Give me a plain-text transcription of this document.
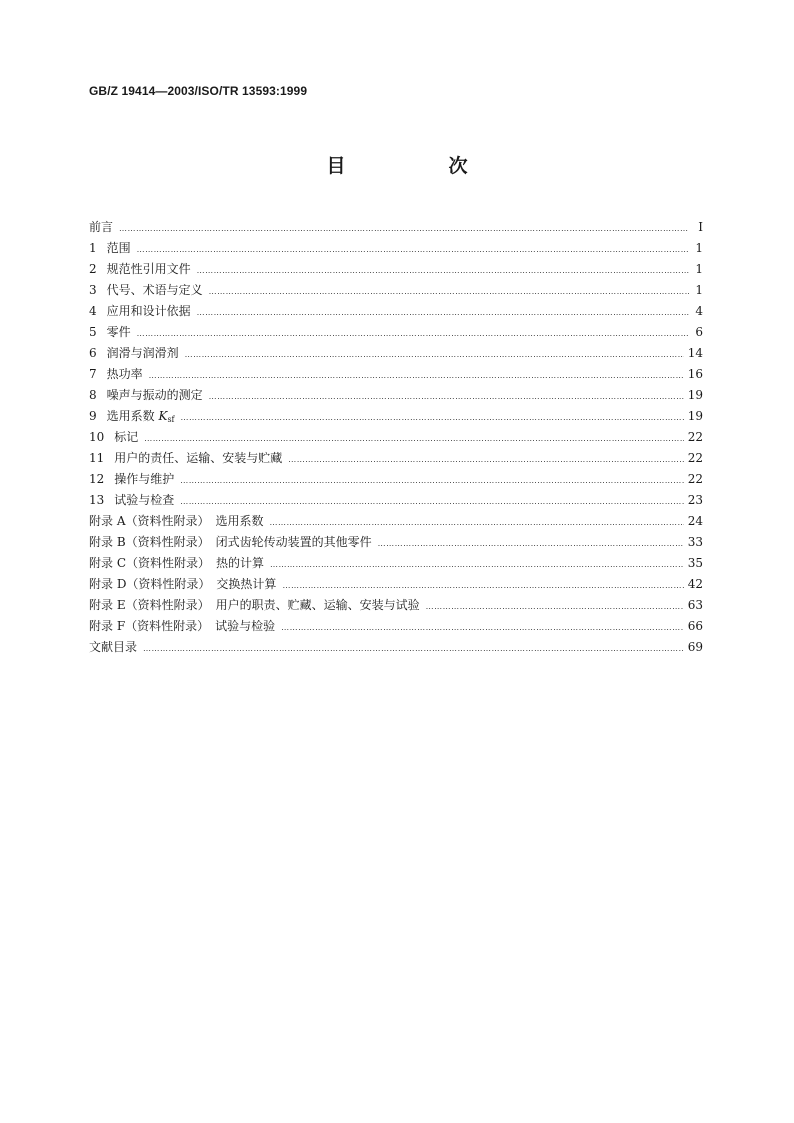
GB/Z 19414—2003/ISO/TR 13593:1999
目　次
前言 ………………………………………………………………………………………………………………………………………………………………………………………………………………………………	Ⅰ
1 范围 ………………………………………………………………………………………………………………………………………………………………………………………………………………………………	1
2 规范性引用文件 ………………………………………………………………………………………………………………………………………………………………………………………………………………………………	1
3 代号、术语与定义 ………………………………………………………………………………………………………………………………………………………………………………………………………………………………	1
4 应用和设计依据 ………………………………………………………………………………………………………………………………………………………………………………………………………………………………	4
5 零件 ………………………………………………………………………………………………………………………………………………………………………………………………………………………………	6
6 润滑与润滑剂 ………………………………………………………………………………………………………………………………………………………………………………………………………………………………	14
7 热功率 ………………………………………………………………………………………………………………………………………………………………………………………………………………………………	16
8 噪声与振动的测定 ………………………………………………………………………………………………………………………………………………………………………………………………………………………………	19
9 选用系数 $K_{sf}$ ………………………………………………………………………………………………………………………………………………………………………………………………………………………………	19
10 标记 ………………………………………………………………………………………………………………………………………………………………………………………………………………………………	22
11 用户的责任、运输、安装与贮藏 ………………………………………………………………………………………………………………………………………………………………………………………………………………………………	22
12 操作与维护 ………………………………………………………………………………………………………………………………………………………………………………………………………………………………	22
13 试验与检查 ………………………………………………………………………………………………………………………………………………………………………………………………………………………………	23
附录 A（资料性附录）　选用系数 ………………………………………………………………………………………………………………………………………………………………………………………………………………………………	24
附录 B（资料性附录）　闭式齿轮传动装置的其他零件 ………………………………………………………………………………………………………………………………………………………………………………………………………………………………	33
附录 C（资料性附录）　热的计算 ………………………………………………………………………………………………………………………………………………………………………………………………………………………………	35
附录 D（资料性附录）　交换热计算 ………………………………………………………………………………………………………………………………………………………………………………………………………………………………	42
附录 E（资料性附录）　用户的职责、贮藏、运输、安装与试验 ………………………………………………………………………………………………………………………………………………………………………………………………………………………………	63
附录 F（资料性附录）　试验与检验 ………………………………………………………………………………………………………………………………………………………………………………………………………………………………	66
文献目录 ………………………………………………………………………………………………………………………………………………………………………………………………………………………………	69
